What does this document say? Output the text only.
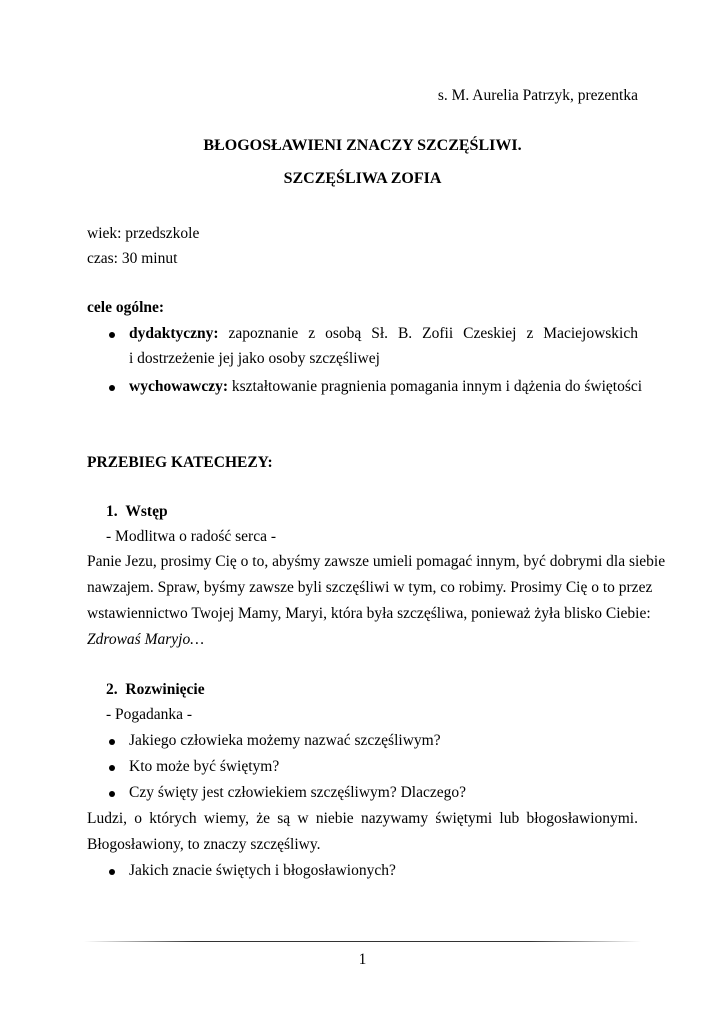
s. M. Aurelia Patrzyk, prezentka
BŁOGOSŁAWIENI ZNACZY SZCZĘŚLIWI.
SZCZĘŚLIWA ZOFIA
wiek: przedszkole
czas: 30 minut
cele ogólne:
dydaktyczny: zapoznanie z osobą Sł. B. Zofii Czeskiej z Maciejowskich
i dostrzeżenie jej jako osoby szczęśliwej
wychowawczy: kształtowanie pragnienia pomagania innym i dążenia do świętości
PRZEBIEG KATECHEZY:
1. Wstęp
- Modlitwa o radość serca -
Panie Jezu, prosimy Cię o to, abyśmy zawsze umieli pomagać innym, być dobrymi dla siebie
nawzajem. Spraw, byśmy zawsze byli szczęśliwi w tym, co robimy. Prosimy Cię o to przez
wstawiennictwo Twojej Mamy, Maryi, która była szczęśliwa, ponieważ żyła blisko Ciebie:
Zdrowaś Maryjo…
2. Rozwinięcie
- Pogadanka -
Jakiego człowieka możemy nazwać szczęśliwym?
Kto może być świętym?
Czy święty jest człowiekiem szczęśliwym? Dlaczego?
Ludzi, o których wiemy, że są w niebie nazywamy świętymi lub błogosławionymi.
Błogosławiony, to znaczy szczęśliwy.
Jakich znacie świętych i błogosławionych?
1
